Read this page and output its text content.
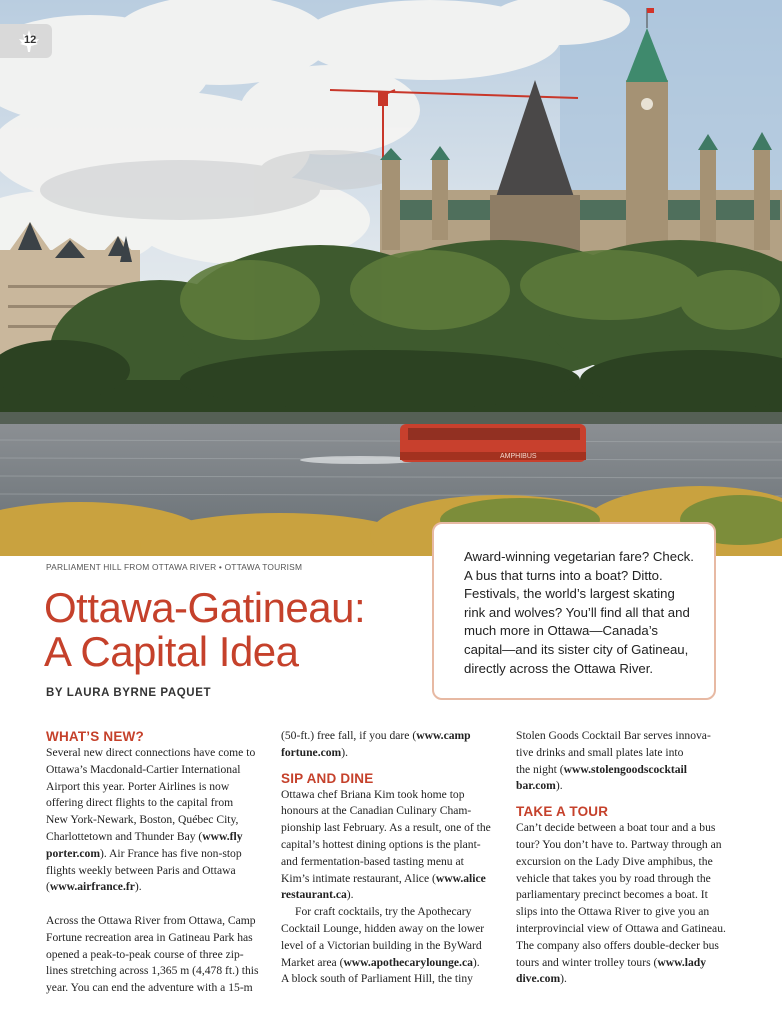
AMPHIBUS
12

Award-winning vegetarian fare? Check.

A bus that turns into a boat? Ditto.

Festivals, the world’s largest skating

rink and wolves? You’ll find all that and

much more in Ottawa—Canada’s

capital—and its sister city of Gatineau,

directly across the Ottawa River.

PARLIAMENT HILL FROM OTTAWA RIVER • OTTAWA TOURISM
Ottawa-Gatineau:
A Capital Idea
BY LAURA BYRNE PAQUET
WHAT’S NEW?

Several new direct connections have come to

Ottawa’s Macdonald-Cartier International

Airport this year. Porter Airlines is now

offering direct flights to the capital from

New York-Newark, Boston, Québec City,

Charlottetown and Thunder Bay (www.fly

porter.com). Air France has five non-stop

flights weekly between Paris and Ottawa

(www.airfrance.fr).

Across the Ottawa River from Ottawa, Camp

Fortune recreation area in Gatineau Park has

opened a peak-to-peak course of three zip-

lines stretching across 1,365 m (4,478 ft.) this

year. You can end the adventure with a 15-m

(50-ft.) free fall, if you dare (www.camp

fortune.com).

SIP AND DINE

Ottawa chef Briana Kim took home top

honours at the Canadian Culinary Cham-

pionship last February. As a result, one of the

capital’s hottest dining options is the plant-

and fermentation-based tasting menu at

Kim’s intimate restaurant, Alice (www.alice

restaurant.ca).

For craft cocktails, try the Apothecary

Cocktail Lounge, hidden away on the lower

level of a Victorian building in the ByWard

Market area (www.apothecarylounge.ca).

A block south of Parliament Hill, the tiny

Stolen Goods Cocktail Bar serves innova-

tive drinks and small plates late into

the night (www.stolengoodscocktail

bar.com).

TAKE A TOUR

Can’t decide between a boat tour and a bus

tour? You don’t have to. Partway through an

excursion on the Lady Dive amphibus, the

vehicle that takes you by road through the

parliamentary precinct becomes a boat. It

slips into the Ottawa River to give you an

interprovincial view of Ottawa and Gatineau.

The company also offers double-decker bus

tours and winter trolley tours (www.lady

dive.com).
